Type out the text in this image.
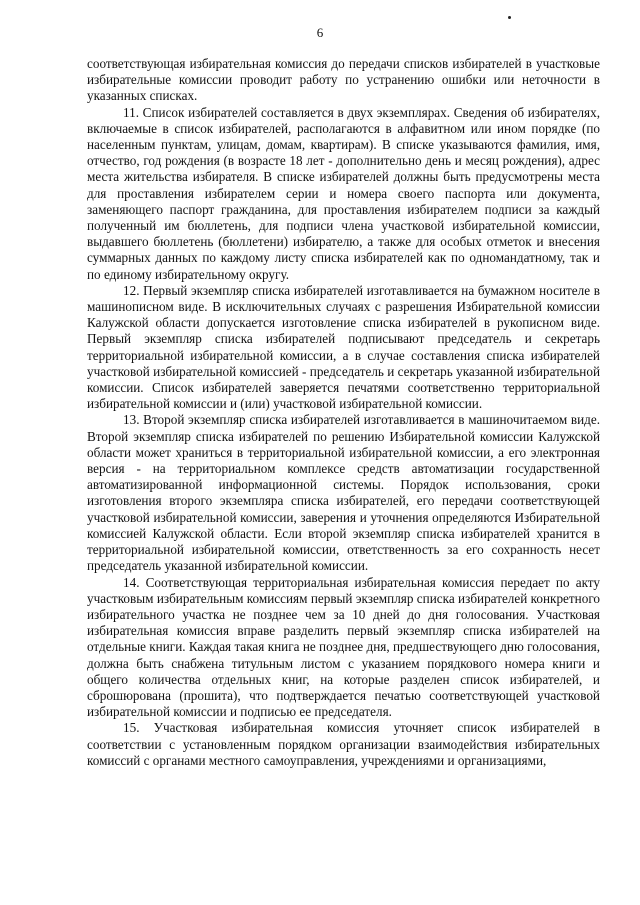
6

соответствующая избирательная комиссия до передачи списков избирателей в участковые избирательные комиссии проводит работу по устранению ошибки или неточности в указанных списках.

11. Список избирателей составляется в двух экземплярах. Сведения об избирателях, включаемые в список избирателей, располагаются в алфавитном или ином порядке (по населенным пунктам, улицам, домам, квартирам). В списке указываются фамилия, имя, отчество, год рождения (в возрасте 18 лет - дополнительно день и месяц рождения), адрес места жительства избирателя. В списке избирателей должны быть предусмотрены места для проставления избирателем серии и номера своего паспорта или документа, заменяющего паспорт гражданина, для проставления избирателем подписи за каждый полученный им бюллетень, для подписи члена участковой избирательной комиссии, выдавшего бюллетень (бюллетени) избирателю, а также для особых отметок и внесения суммарных данных по каждому листу списка избирателей как по одномандатному, так и по единому избирательному округу.

12. Первый экземпляр списка избирателей изготавливается на бумажном носителе в машинописном виде. В исключительных случаях с разрешения Избирательной комиссии Калужской области допускается изготовление списка избирателей в рукописном виде. Первый экземпляр списка избирателей подписывают председатель и секретарь территориальной избирательной комиссии, а в случае составления списка избирателей участковой избирательной комиссией - председатель и секретарь указанной избирательной комиссии. Список избирателей заверяется печатями соответственно территориальной избирательной комиссии и (или) участковой избирательной комиссии.

13. Второй экземпляр списка избирателей изготавливается в машиночитаемом виде. Второй экземпляр списка избирателей по решению Избирательной комиссии Калужской области может храниться в территориальной избирательной комиссии, а его электронная версия - на территориальном комплексе средств автоматизации государственной автоматизированной информационной системы. Порядок использования, сроки изготовления второго экземпляра списка избирателей, его передачи соответствующей участковой избирательной комиссии, заверения и уточнения определяются Избирательной комиссией Калужской области. Если второй экземпляр списка избирателей хранится в территориальной избирательной комиссии, ответственность за его сохранность несет председатель указанной избирательной комиссии.

14. Соответствующая территориальная избирательная комиссия передает по акту участковым избирательным комиссиям первый экземпляр списка избирателей конкретного избирательного участка не позднее чем за 10 дней до дня голосования. Участковая избирательная комиссия вправе разделить первый экземпляр списка избирателей на отдельные книги. Каждая такая книга не позднее дня, предшествующего дню голосования, должна быть снабжена титульным листом с указанием порядкового номера книги и общего количества отдельных книг, на которые разделен список избирателей, и сброшюрована (прошита), что подтверждается печатью соответствующей участковой избирательной комиссии и подписью ее председателя.

15. Участковая избирательная комиссия уточняет список избирателей в соответствии с установленным порядком организации взаимодействия избирательных комиссий с органами местного самоуправления, учреждениями и организациями,
